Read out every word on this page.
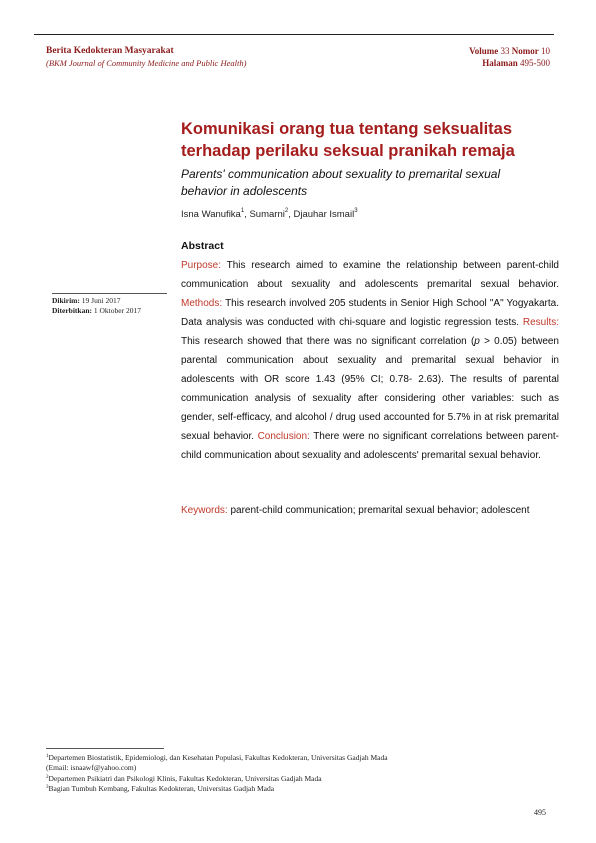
Berita Kedokteran Masyarakat
(BKM Journal of Community Medicine and Public Health)
Volume 33 Nomor 10
Halaman 495-500
Komunikasi orang tua tentang seksualitas terhadap perilaku seksual pranikah remaja
Parents' communication about sexuality to premarital sexual behavior in adolescents
Isna Wanufika$^1$, Sumarni$^2$, Djauhar Ismail$^3$
Abstract
Purpose: This research aimed to examine the relationship between parent-child communication about sexuality and adolescents premarital sexual behavior. Methods: This research involved 205 students in Senior High School "A" Yogyakarta. Data analysis was conducted with chi-square and logistic regression tests. Results: This research showed that there was no significant correlation (p > 0.05) between parental communication about sexuality and premarital sexual behavior in adolescents with OR score 1.43 (95% CI; 0.78- 2.63). The results of parental communication analysis of sexuality after considering other variables: such as gender, self-efficacy, and alcohol / drug used accounted for 5.7% in at risk premarital sexual behavior. Conclusion: There were no significant correlations between parent-child communication about sexuality and adolescents' premarital sexual behavior.
Keywords: parent-child communication; premarital sexual behavior; adolescent
Dikirim: 19 Juni 2017
Diterbitkan: 1 Oktober 2017
$^1$Departemen Biostatistik, Epidemiologi, dan Kesehatan Populasi, Fakultas Kedokteran, Universitas Gadjah Mada
(Email: isnaawf@yahoo.com)
$^2$Departemen Psikiatri dan Psikologi Klinis, Fakultas Kedokteran, Universitas Gadjah Mada
$^3$Bagian Tumbuh Kembang, Fakultas Kedokteran, Universitas Gadjah Mada
495
